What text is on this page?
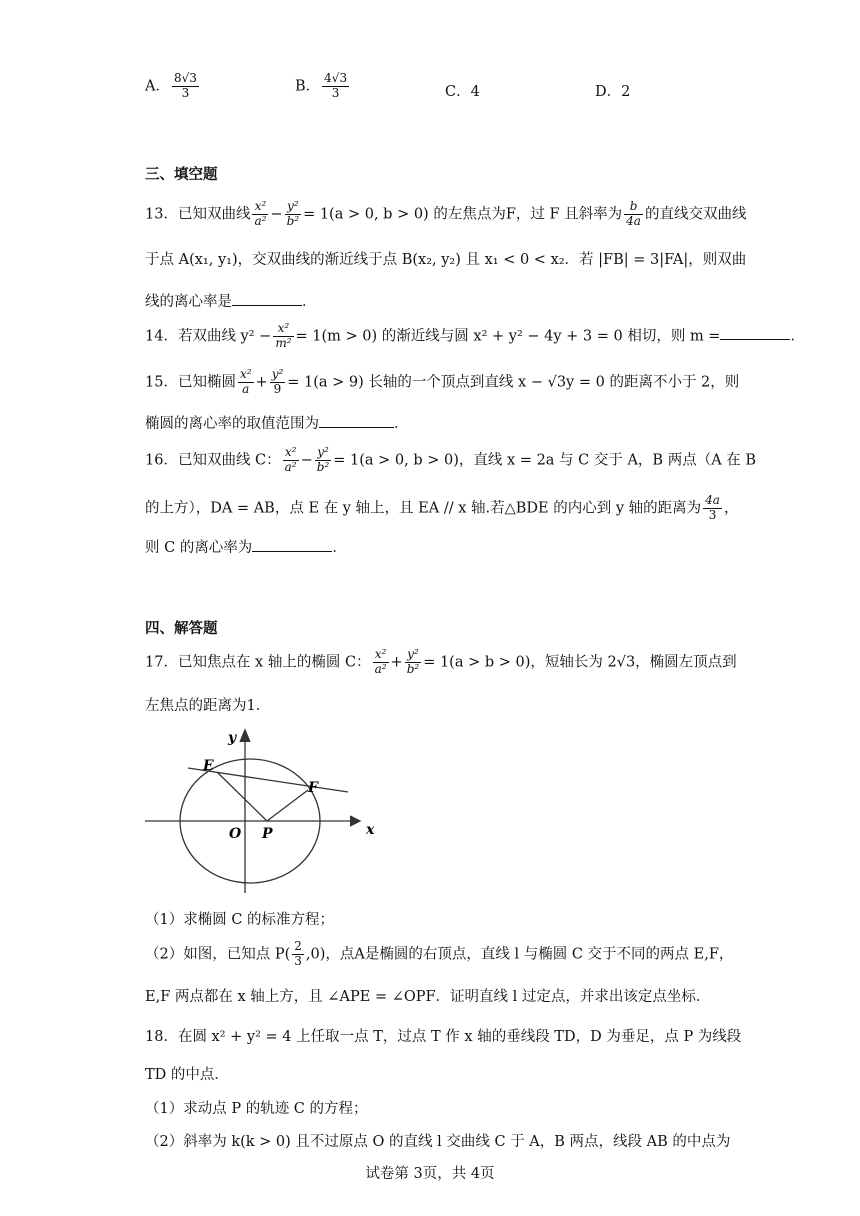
A． $\frac{8√3}{3}$	B． $\frac{4√3}{3}$	C．4	D．2
三、填空题
13．已知双曲线 $\frac{\text{x²}}{\text{a²}} - \frac{\text{y²}}{\text{b²}} = 1(a > 0$, b > 0) 的左焦点为F，过 F 且斜率为 $\frac{b}{4a}$ 的直线交双曲线
于点 A(x₁, y₁)，交双曲线的渐近线于点 B(x₂, y₂) 且 x₁ < 0 < x₂．若 |FB| = 3|FA|，则双曲
线的离心率是	．
14．若双曲线 $y^2 - \frac{\text{x²}}{\text{m²}} = 1(m > 0)$ 的渐近线与圆 x² + y² − 4y + 3 = 0 相切，则 m =	．
15．已知椭圆 $\frac{\text{x²}}{a} + \frac{\text{y²}}{9} = 1(a > 9)$ 长轴的一个顶点到直线 x − √3y = 0 的距离不小于 2，则
椭圆的离心率的取值范围为	．
16．已知双曲线 C： $\frac{\text{x²}}{\text{a²}} - \frac{\text{y²}}{\text{b²}} = 1(a > 0$, b > 0)，直线 x = 2a 与 C 交于 A，B 两点（A 在 B
的上方），DA = AB，点 E 在 y 轴上，且 EA // x 轴.若△BDE 的内心到 y 轴的距离为 $\frac{4a}{3}$ ，
则 C 的离心率为	．
四、解答题
17．已知焦点在 x 轴上的椭圆 C： $\frac{\text{x²}}{\text{a²}} + \frac{\text{y²}}{\text{b²}} = 1(a > b > 0)$，短轴长为 2√3，椭圆左顶点到
左焦点的距离为1．
y
x
E
F
O P
（1）求椭圆 C 的标准方程；
（2）如图，已知点 $P( \frac{2}{3} ,0)$，点A是椭圆的右顶点，直线 l 与椭圆 C 交于不同的两点 E,F，
E,F 两点都在 x 轴上方，且 ∠APE = ∠OPF．证明直线 l 过定点，并求出该定点坐标．
18．在圆 x² + y² = 4 上任取一点 T，过点 T 作 x 轴的垂线段 TD，D 为垂足，点 P 为线段
TD 的中点．
（1）求动点 P 的轨迹 C 的方程；
（2）斜率为 k(k > 0) 且不过原点 O 的直线 l 交曲线 C 于 A，B 两点，线段 AB 的中点为
试卷第 3页，共 4页
